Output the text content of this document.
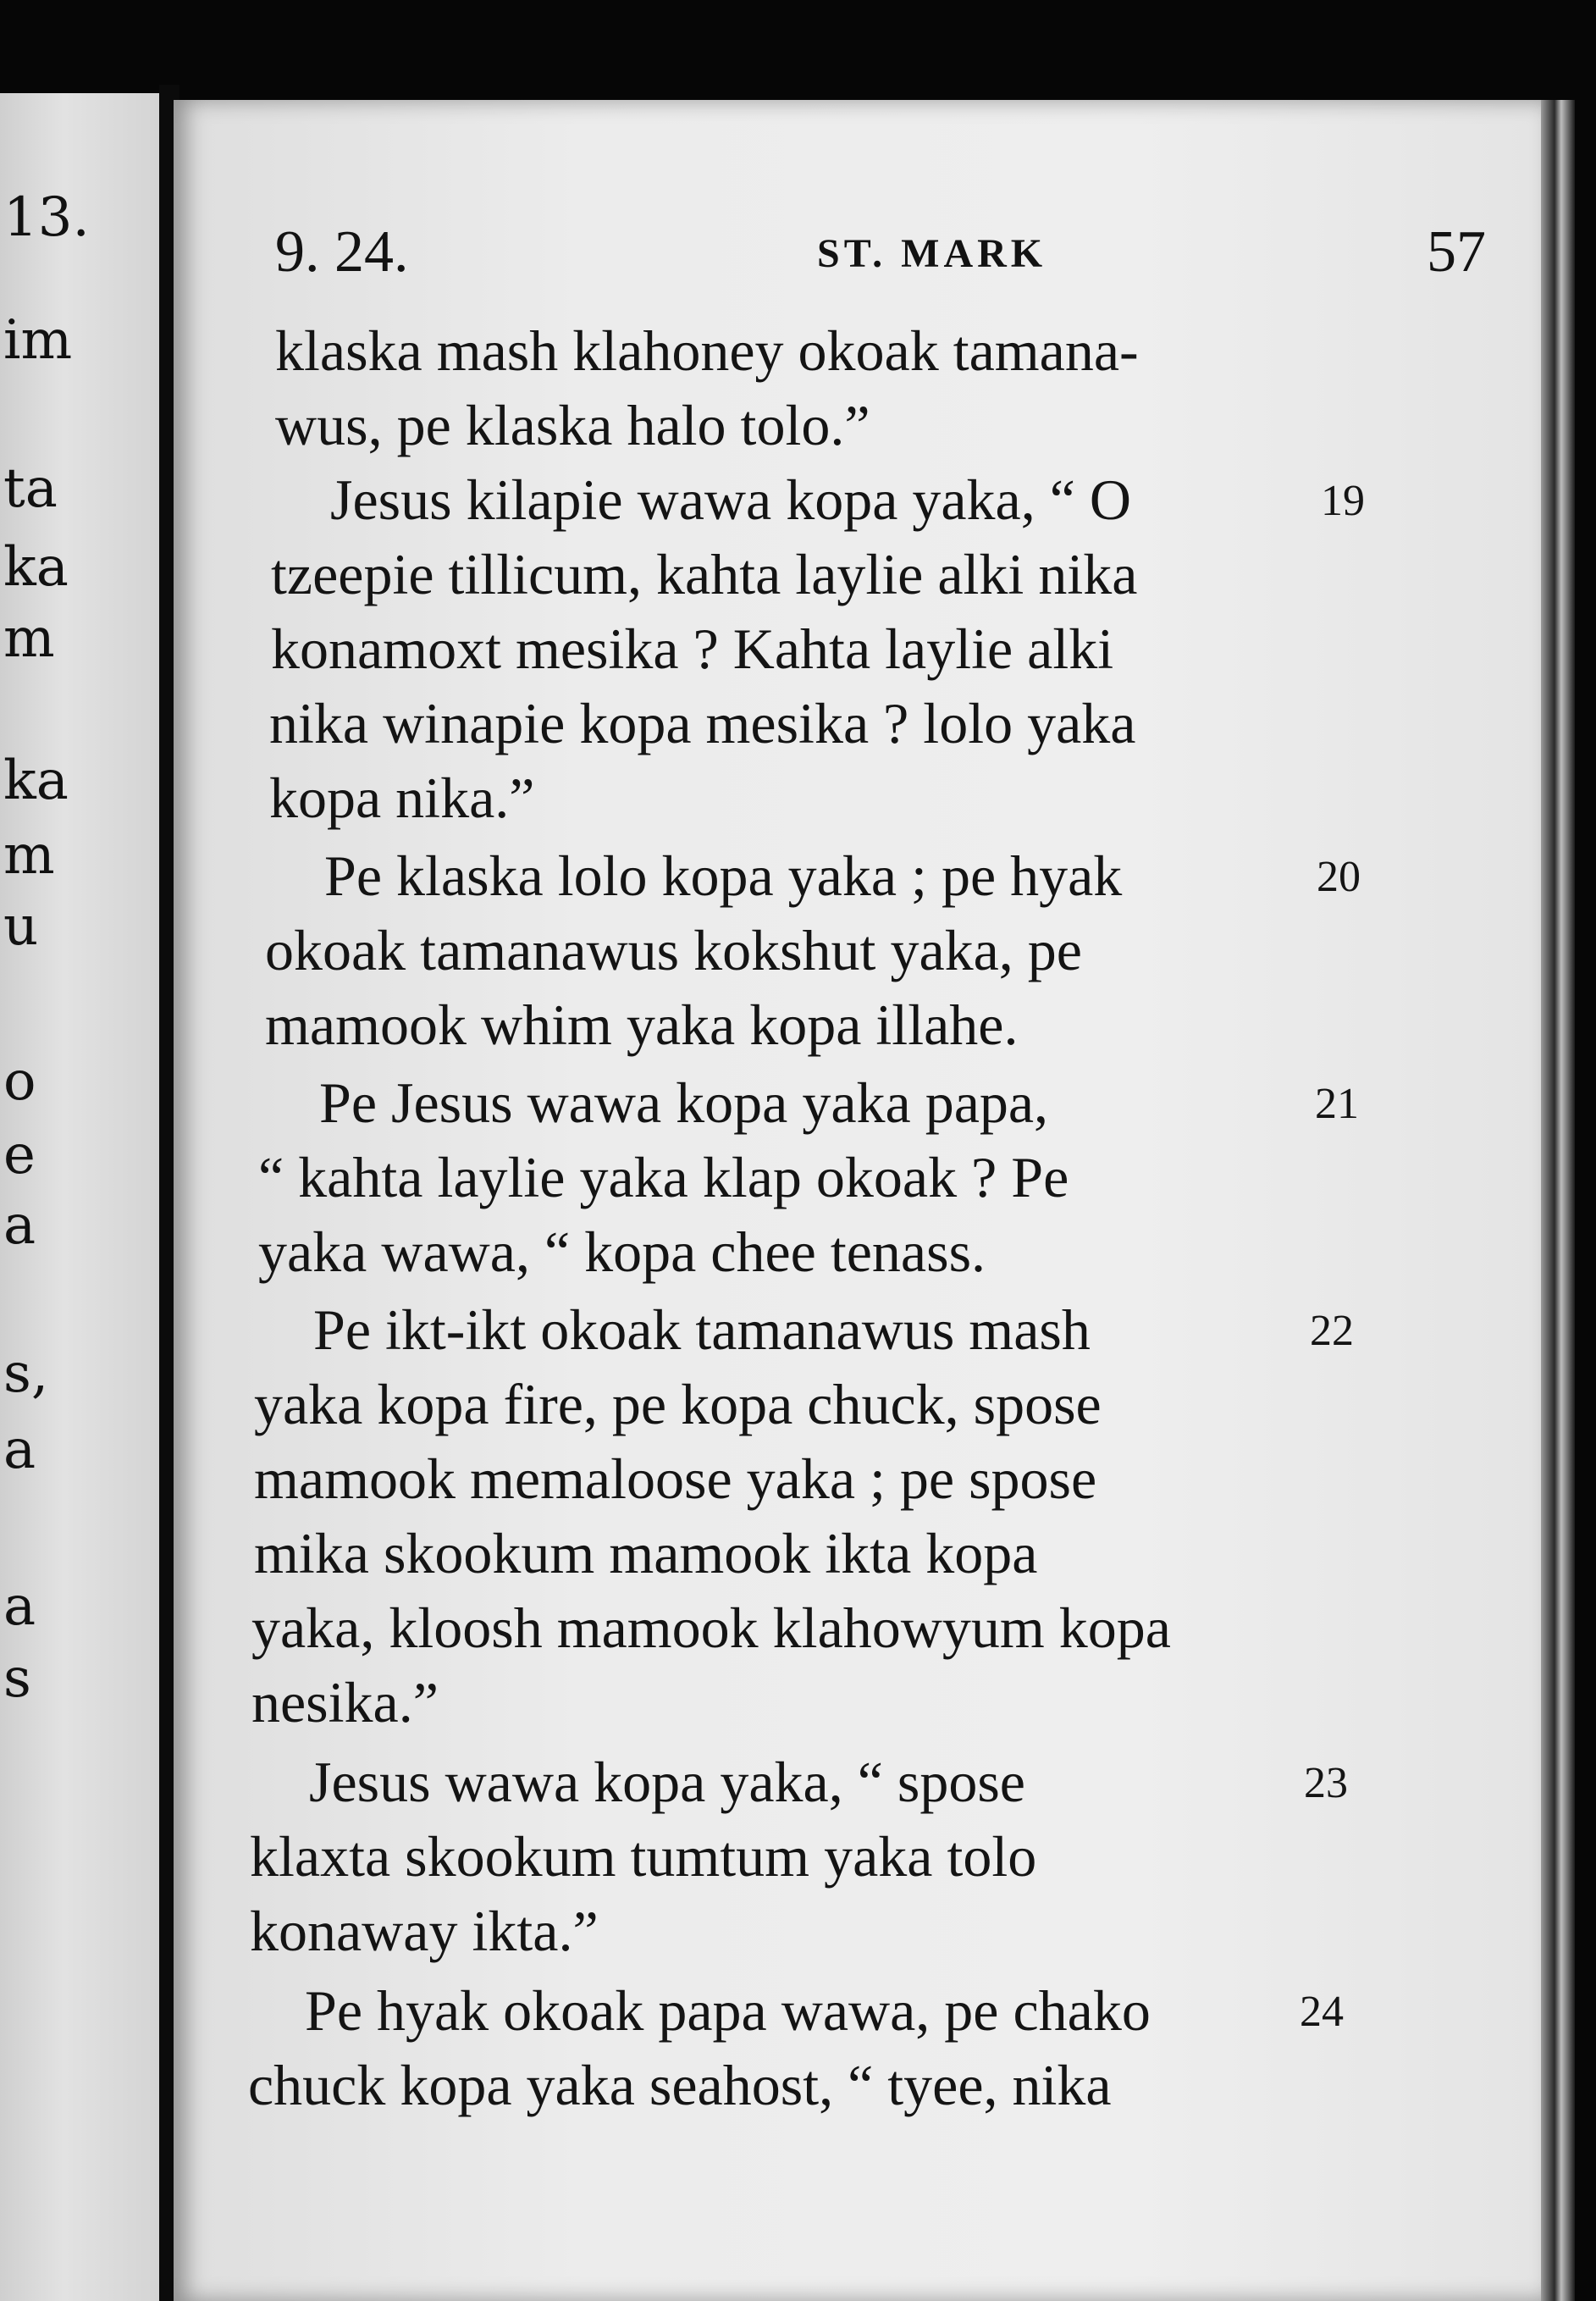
13.
im
ta
ka
m
ka
m
u
o
e
a
s,
a
a
s
9. 24.	ST. MARK	57
klaska mash klahoney okoak tamana-
wus, pe klaska halo tolo.”
Jesus kilapie wawa kopa yaka, “ O
tzeepie tillicum, kahta laylie alki nika
konamoxt mesika ? Kahta laylie alki
nika winapie kopa mesika ? lolo yaka
kopa nika.”
Pe klaska lolo kopa yaka ; pe hyak
okoak tamanawus kokshut yaka, pe
mamook whim yaka kopa illahe.
Pe Jesus wawa kopa yaka papa,
“ kahta laylie yaka klap okoak ? Pe
yaka wawa, “ kopa chee tenass.
Pe ikt-ikt okoak tamanawus mash
yaka kopa fire, pe kopa chuck, spose
mamook memaloose yaka ; pe spose
mika skookum mamook ikta kopa
yaka, kloosh mamook klahowyum kopa
nesika.”
Jesus wawa kopa yaka, “ spose
klaxta skookum tumtum yaka tolo
konaway ikta.”
Pe hyak okoak papa wawa, pe chako
chuck kopa yaka seahost, “ tyee, nika
19
20
21
22
23
24
